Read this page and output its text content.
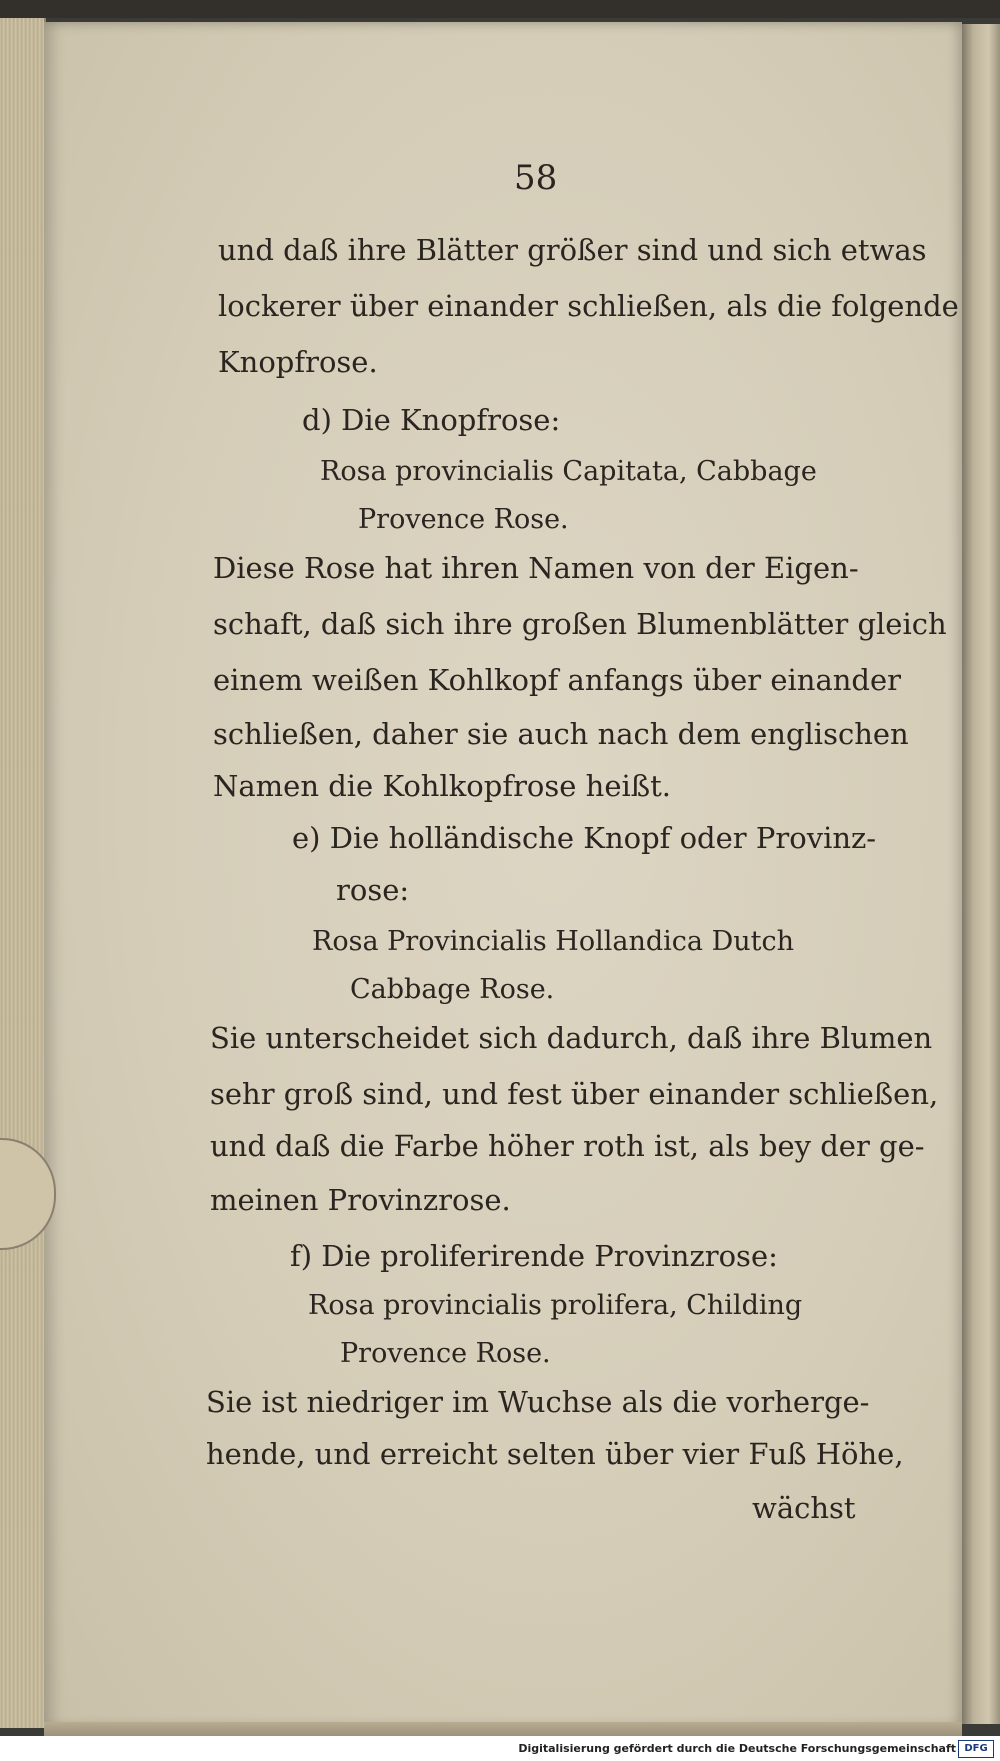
58
und daß ihre Blätter größer sind und sich etwas
lockerer über einander schließen, als die folgende
Knopfrose.
d) Die Knopfrose:
Rosa provincialis Capitata, Cabbage
Provence Rose.
Diese Rose hat ihren Namen von der Eigen-
schaft, daß sich ihre großen Blumenblätter gleich
einem weißen Kohlkopf anfangs über einander
schließen, daher sie auch nach dem englischen
Namen die Kohlkopfrose heißt.
e) Die holländische Knopf oder Provinz-
rose:
Rosa Provincialis Hollandica Dutch
Cabbage Rose.
Sie unterscheidet sich dadurch, daß ihre Blumen
sehr groß sind, und fest über einander schließen,
und daß die Farbe höher roth ist, als bey der ge-
meinen Provinzrose.
f) Die proliferirende Provinzrose:
Rosa provincialis prolifera, Childing
Provence Rose.
Sie ist niedriger im Wuchse als die vorherge-
hende, und erreicht selten über vier Fuß Höhe,
wächst
Digitalisierung gefördert durch die Deutsche Forschungsgemeinschaft DFG
